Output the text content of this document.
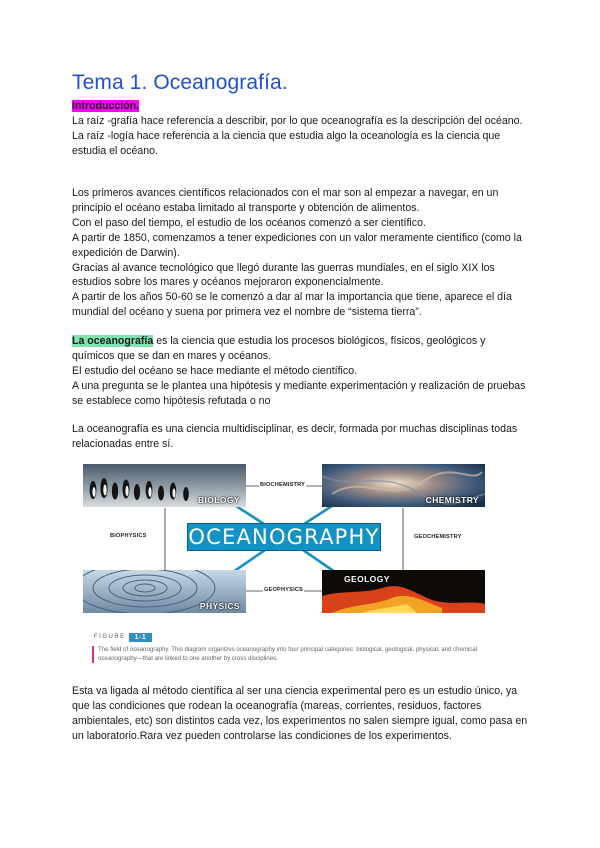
Tema 1. Oceanografía.

Introducción.
La raíz -grafía hace referencia a describir, por lo que oceanografía es la descripción del océano.
La raíz -logía hace referencia a la ciencia que estudia algo la oceanología es la ciencia que estudia el océano.

Los primeros avances científicos relacionados con el mar son al empezar a navegar, en un principio el océano estaba limitado al transporte y obtención de alimentos.
Con el paso del tiempo, el estudio de los océanos comenzó a ser científico.
A partir de 1850, comenzamos a tener expediciones con un valor meramente científico (como la expedición de Darwin).
Gracias al avance tecnológico que llegó durante las guerras mundiales, en el siglo XIX los estudios sobre los mares y océanos mejoraron exponencialmente.
A partir de los años 50-60 se le comenzó a dar al mar la importancia que tiene, aparece el día mundial del océano y suena por primera vez el nombre de “sistema tierra”.

La oceanografía es la ciencia que estudia los procesos biológicos, físicos, geológicos y químicos que se dan en mares y océanos.
El estudio del océano se hace mediante el método científico.
A una pregunta se le plantea una hipótesis y mediante experimentación y realización de pruebas se establece como hipótesis refutada o no

La oceanografía es una ciencia multidisciplinar, es decir, formada por muchas disciplinas todas relacionadas entre sí.

BIOLOGY	CHEMISTRY
PHYSICS
GEOLOGY
BIOCHEMISTRY
BIOPHYSICS	GEOCHEMISTRY
GEOPHYSICS
OCEANOGRAPHY
FIGURE	1-1

The field of oceanography. This diagram organizes oceanography into four principal categories: biological, geological, physical, and chemical oceanography—that are linked to one another by cross disciplines.

Esta va ligada al método científica al ser una ciencia experimental pero es un estudio único, ya que las condiciones que rodean la oceanografía (mareas, corrientes, residuos, factores ambientales, etc) son distintos cada vez, los experimentos no salen siempre igual, como pasa en un laboratorio.Rara vez pueden controlarse las condiciones de los experimentos.
